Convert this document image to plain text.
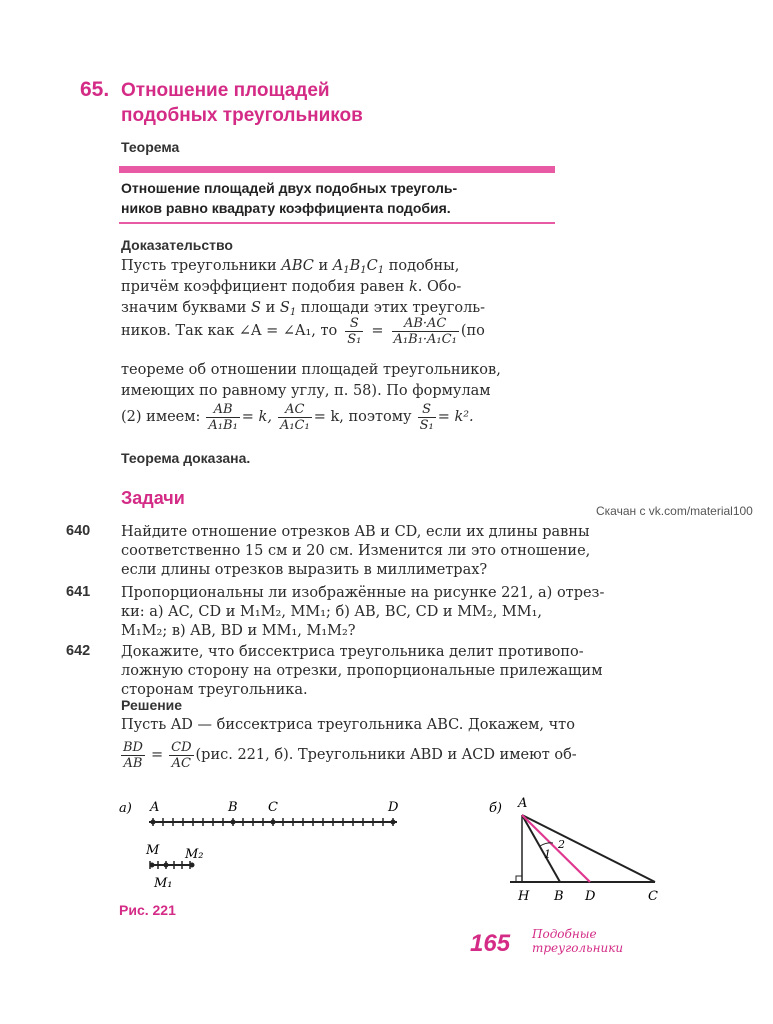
65. Отношение площадей
подобных треугольников
Теорема
Отношение площадей двух подобных треуголь-
ников равно квадрату коэффициента подобия.
Доказательство
Пусть треугольники ABC и $A_1B_1C_1$ подобны,
причём коэффициент подобия равен k. Обо-
значим буквами S и $S_1$ площади этих треуголь-
ников. Так как ∠A = ∠A₁, то $\frac{S}{\text{S₁}} = \frac{AB\cdot AC}{\text{A₁B₁·A₁C₁}} (по$
теореме об отношении площадей треугольников,
имеющих по равному углу, п. 58). По формулам
(2) имеем: $\frac{AB}{\text{A₁B₁}} = k$, $\frac{AC}{\text{A₁C₁}} = k$, поэтому $\frac{S}{\text{S₁}} = k^2$.
Теорема доказана.
Задачи
Скачан с vk.com/material100
640 Найдите отношение отрезков AB и CD, если их длины равны
соответственно 15 см и 20 см. Изменится ли это отношение,
если длины отрезков выразить в миллиметрах?
641 Пропорциональны ли изображённые на рисунке 221, а) отрез-
ки: а) AC, CD и M₁M₂, MM₁; б) AB, BC, CD и MM₂, MM₁,
M₁M₂; в) AB, BD и MM₁, M₁M₂?
642 Докажите, что биссектриса треугольника делит противопо-
ложную сторону на отрезки, пропорциональные прилежащим
сторонам треугольника.
Решение
Пусть AD — биссектриса треугольника ABC. Докажем, что
$\frac{BD}{AB} = \frac{CD}{AC} (рис$. 221, б). Треугольники ABD и ACD имеют об-
а) A	B C	D
M M₂
M₁
б) A
H B D	C
1
2
Рис. 221
165 Подобные
треугольники
